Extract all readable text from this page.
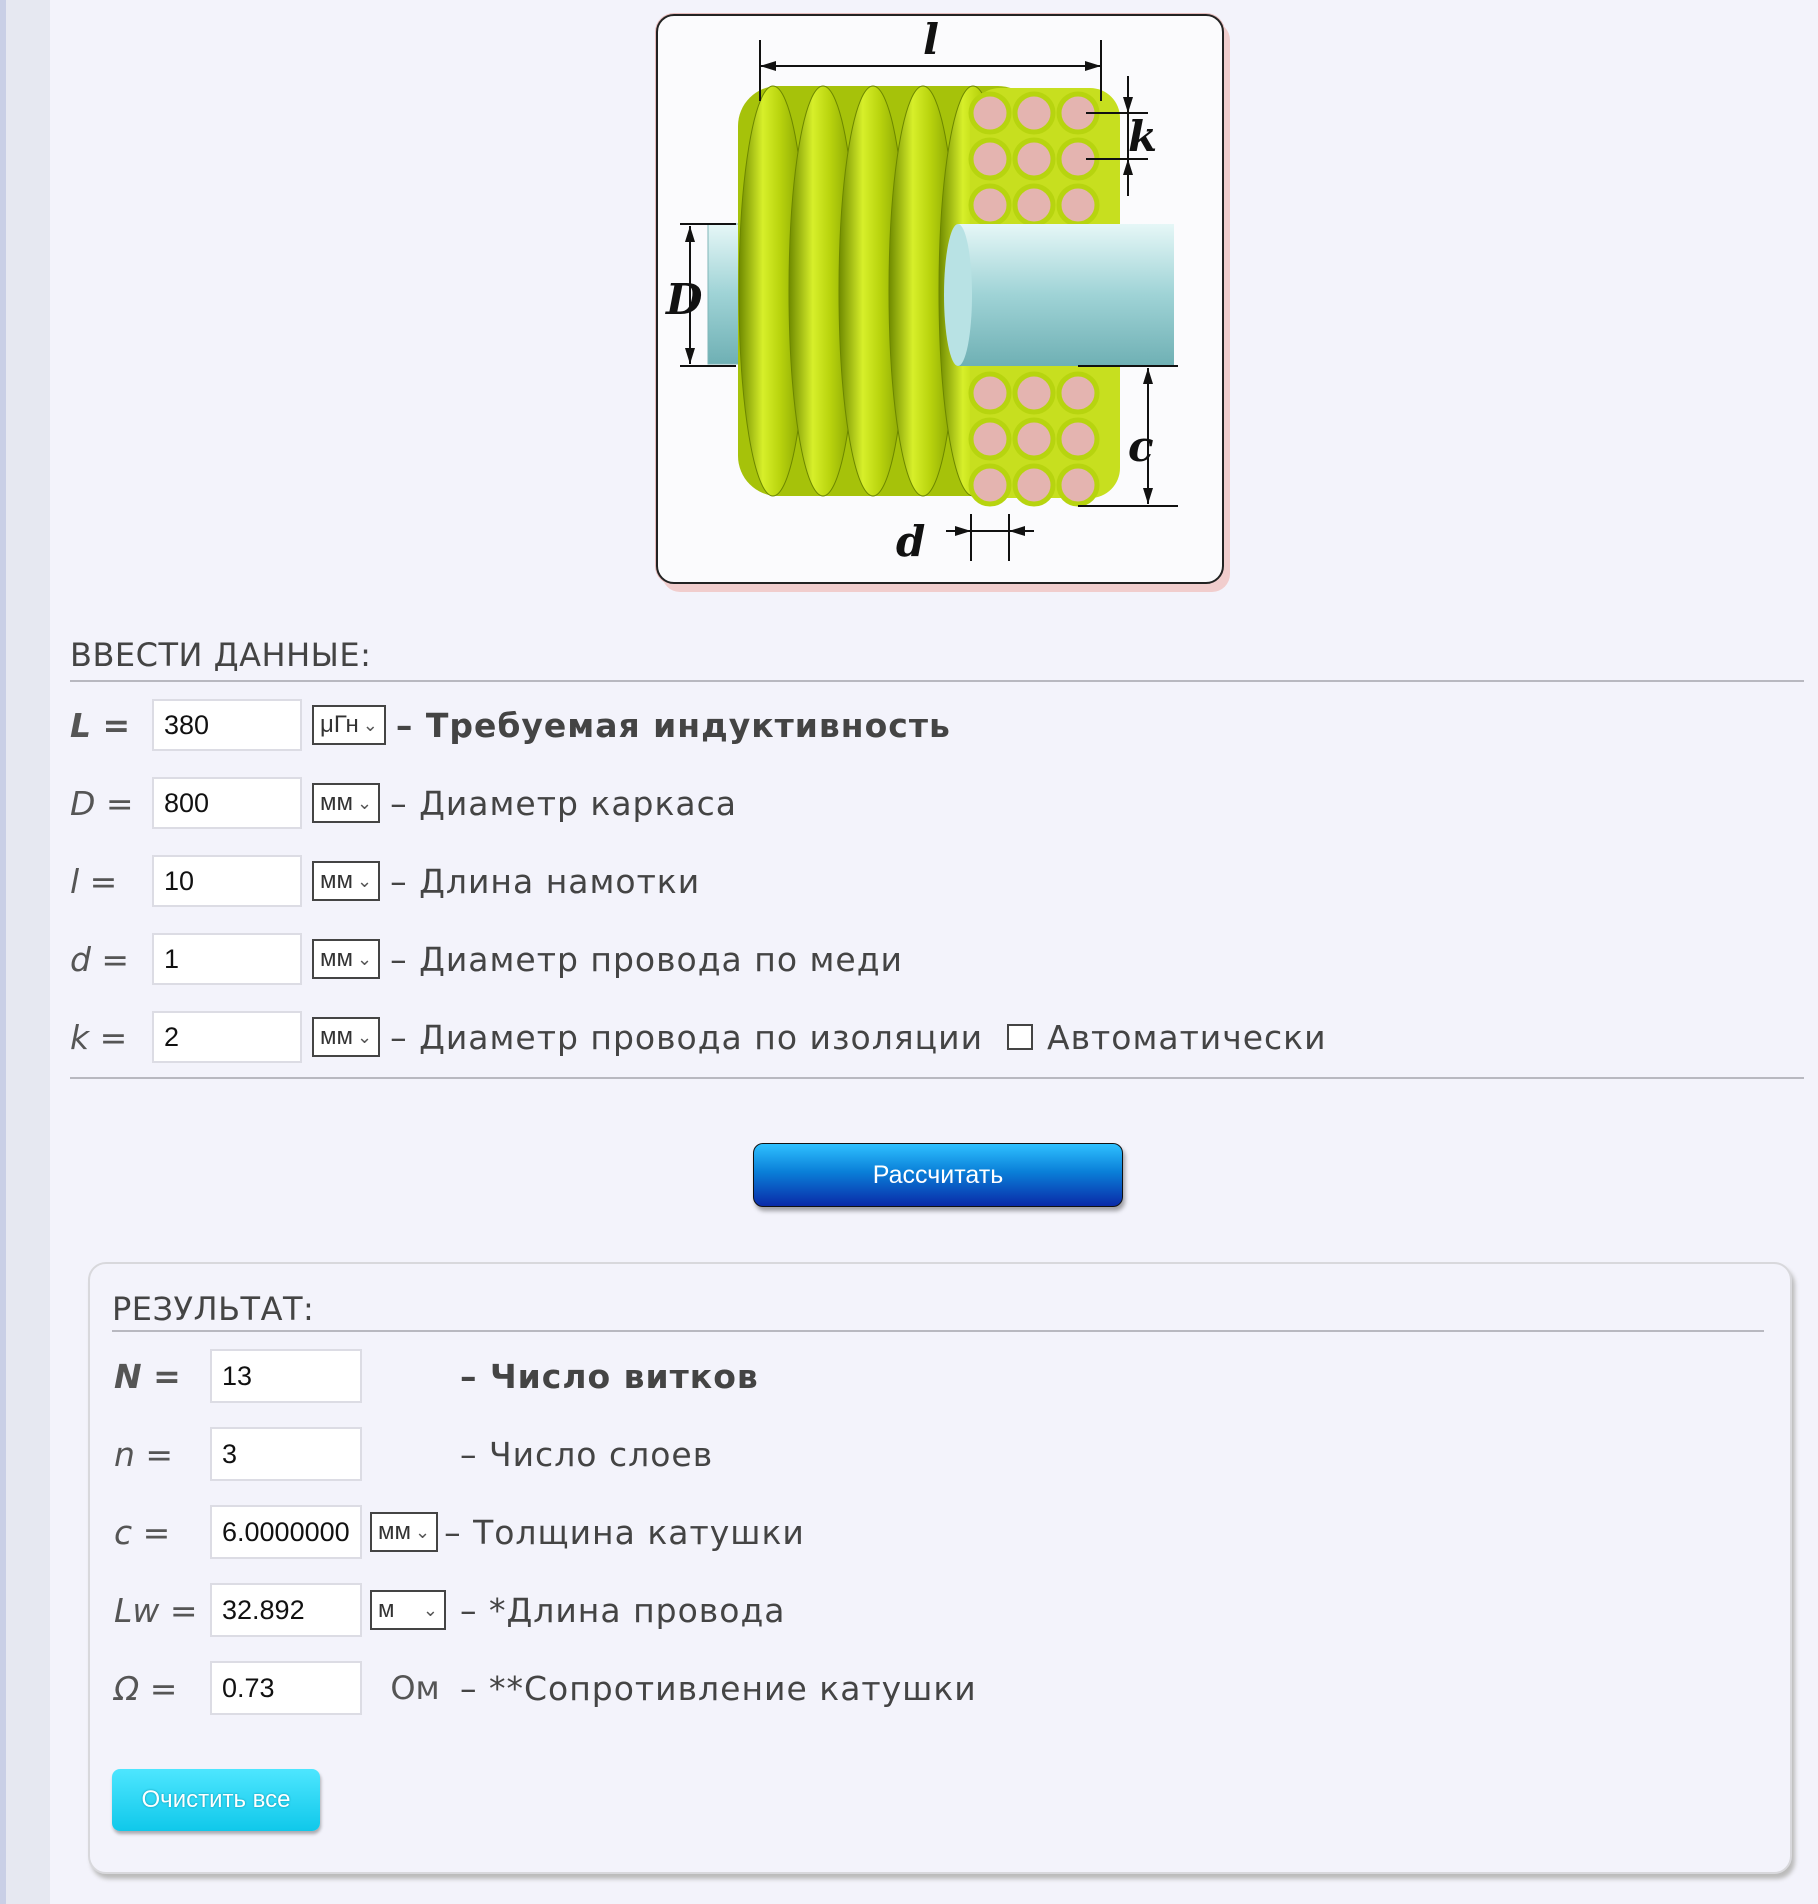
l
k
D
c
d
ВВЕСТИ ДАННЫЕ:
L =
380	μГн ⌄ – Требуемая индуктивность
D =
800	мм ⌄ – Диаметр каркаса
l =
10	мм ⌄ – Длина намотки
d =
1	мм ⌄ – Диаметр провода по меди
k =
2	мм ⌄ – Диаметр провода по изоляции Автоматически
Рассчитать
РЕЗУЛЬТАТ:
N =
13	– Число витков
n =
3	– Число слоев
c =
6.0000000	мм ⌄ – Толщина катушки
Lw =
32.892	м ⌄ – *Длина провода
Ω =
0.73	Ом – **Сопротивление катушки
Очистить все
